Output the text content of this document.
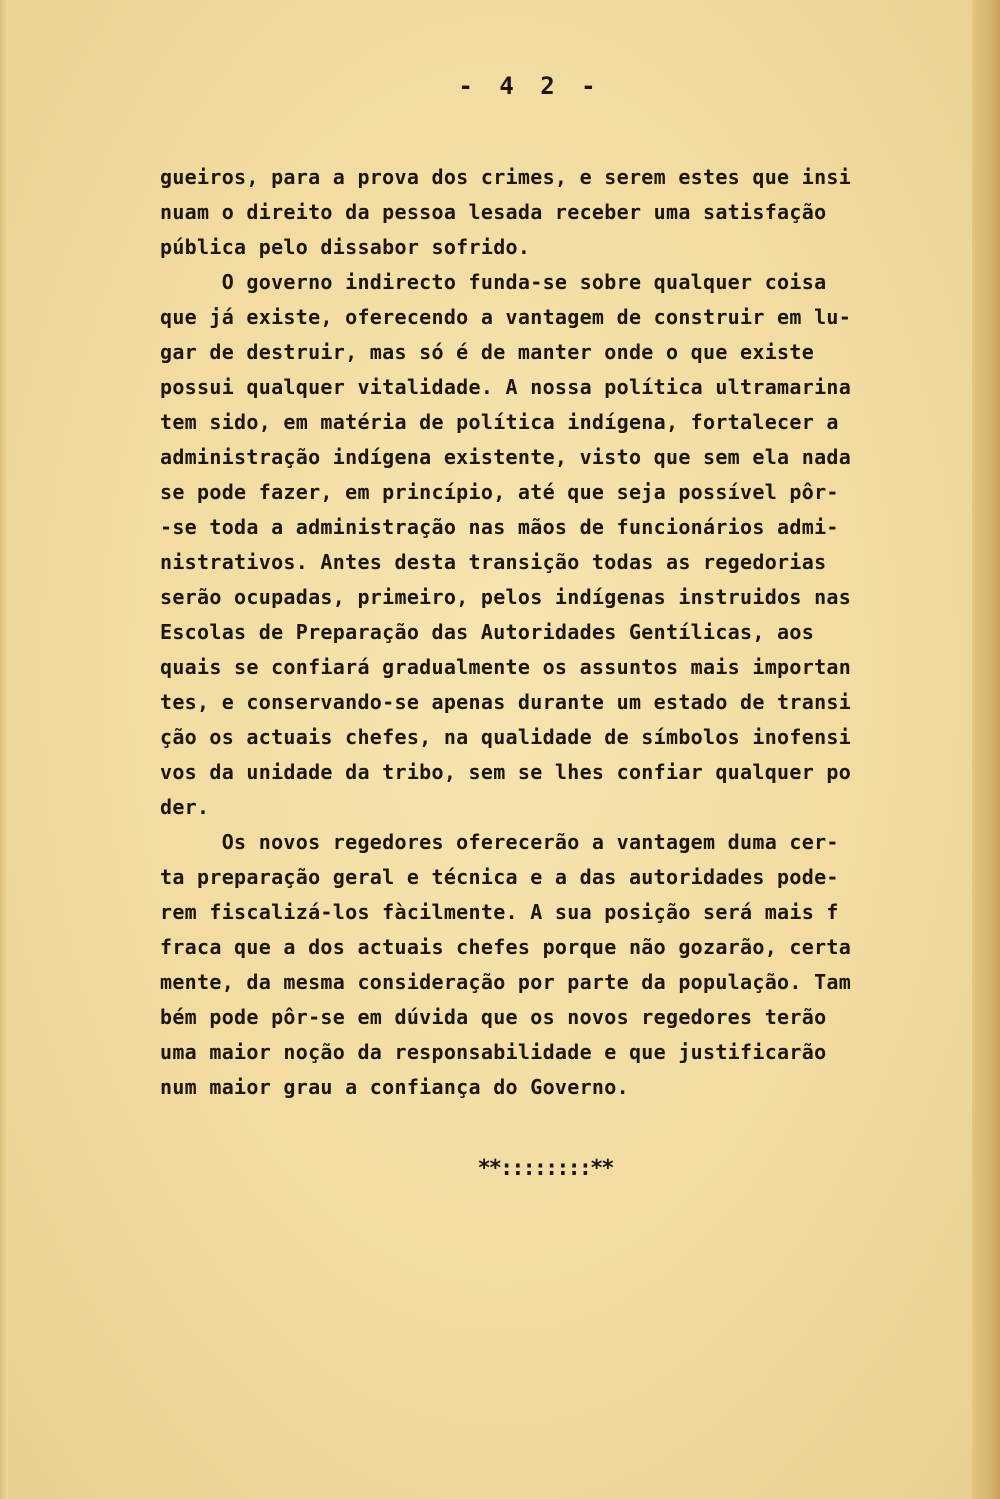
- 4 2 -
gueiros, para a prova dos crimes, e serem estes que insi
nuam o direito da pessoa lesada receber uma satisfação
pública pelo dissabor sofrido.
O governo indirecto funda-se sobre qualquer coisa
que já existe, oferecendo a vantagem de construir em lu-
gar de destruir, mas só é de manter onde o que existe
possui qualquer vitalidade. A nossa política ultramarina
tem sido, em matéria de política indígena, fortalecer a
administração indígena existente, visto que sem ela nada
se pode fazer, em princípio, até que seja possível pôr-
-se toda a administração nas mãos de funcionários admi-
nistrativos. Antes desta transição todas as regedorias
serão ocupadas, primeiro, pelos indígenas instruidos nas
Escolas de Preparação das Autoridades Gentílicas, aos
quais se confiará gradualmente os assuntos mais importan
tes, e conservando-se apenas durante um estado de transi
ção os actuais chefes, na qualidade de símbolos inofensi
vos da unidade da tribo, sem se lhes confiar qualquer po
der.
Os novos regedores oferecerão a vantagem duma cer-
ta preparação geral e técnica e a das autoridades pode-
rem fiscalizá-los fàcilmente. A sua posição será mais f
fraca que a dos actuais chefes porque não gozarão, certa
mente, da mesma consideração por parte da população. Tam
bém pode pôr-se em dúvida que os novos regedores terão
uma maior noção da responsabilidade e que justificarão
num maior grau a confiança do Governo.
**::::::::**
